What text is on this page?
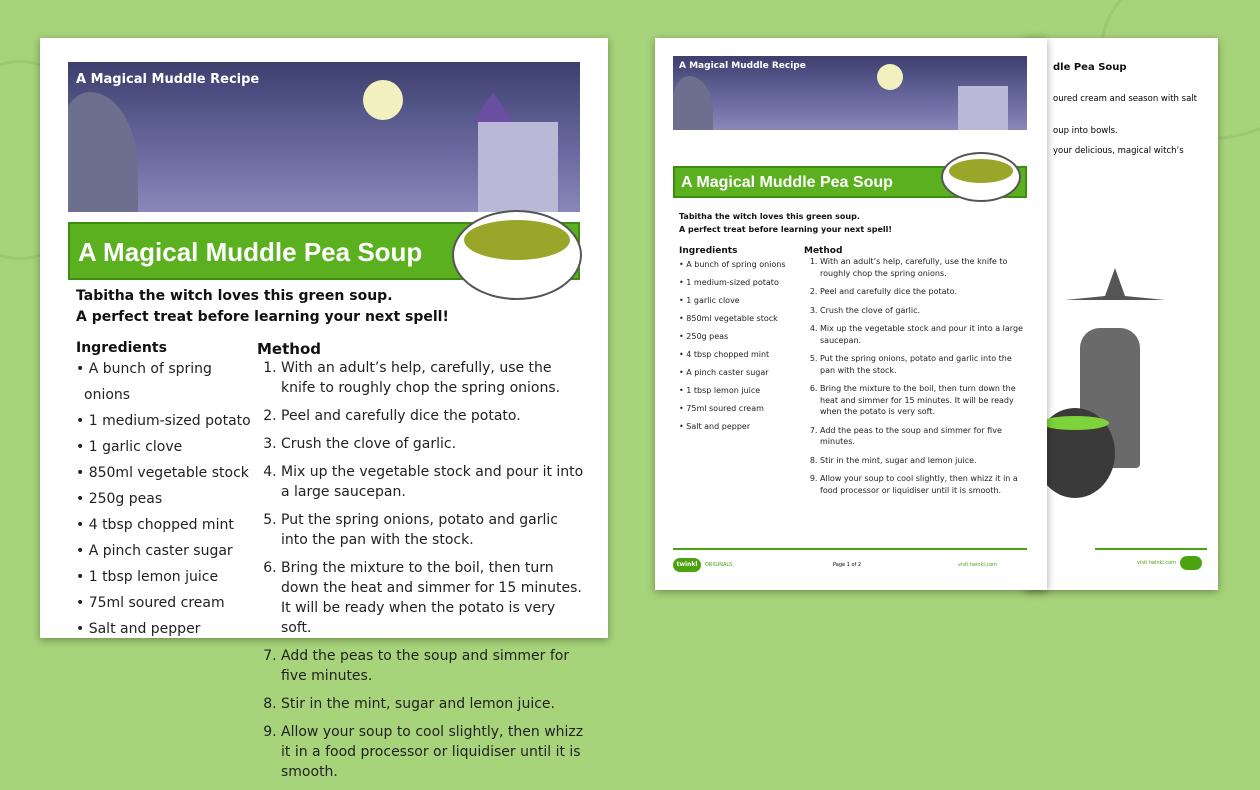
dle Pea Soup
oured cream and season with salt
oup into bowls.
your delicious, magical witch’s
visit twinkl.com
A Magical Muddle Recipe
A Magical Muddle Pea Soup
Tabitha the witch loves this green soup.
A perfect treat before learning your next spell!
Ingredients
• A bunch of spring onions
• 1 medium-sized potato
• 1 garlic clove
• 850ml vegetable stock
• 250g peas
• 4 tbsp chopped mint
• A pinch caster sugar
• 1 tbsp lemon juice
• 75ml soured cream
• Salt and pepper
Method
1. With an adult’s help, carefully, use the knife to roughly chop the spring onions.
2. Peel and carefully dice the potato.
3. Crush the clove of garlic.
4. Mix up the vegetable stock and pour it into a large saucepan.
5. Put the spring onions, potato and garlic into the pan with the stock.
6. Bring the mixture to the boil, then turn down the heat and simmer for 15 minutes. It will be ready when the potato is very soft.
7. Add the peas to the soup and simmer for five minutes.
8. Stir in the mint, sugar and lemon juice.
9. Allow your soup to cool slightly, then whizz it in a food processor or liquidiser until it is smooth.
twinkl	ORIGINALS	Page 1 of 2	visit twinkl.com
A Magical Muddle Recipe
A Magical Muddle Pea Soup
Tabitha the witch loves this green soup.
A perfect treat before learning your next spell!
Ingredients
• A bunch of spring onions
• 1 medium-sized potato
• 1 garlic clove
• 850ml vegetable stock
• 250g peas
• 4 tbsp chopped mint
• A pinch caster sugar
• 1 tbsp lemon juice
• 75ml soured cream
• Salt and pepper
Method
1. With an adult’s help, carefully, use the knife to roughly chop the spring onions.
2. Peel and carefully dice the potato.
3. Crush the clove of garlic.
4. Mix up the vegetable stock and pour it into a large saucepan.
5. Put the spring onions, potato and garlic into the pan with the stock.
6. Bring the mixture to the boil, then turn down the heat and simmer for 15 minutes. It will be ready when the potato is very soft.
7. Add the peas to the soup and simmer for five minutes.
8. Stir in the mint, sugar and lemon juice.
9. Allow your soup to cool slightly, then whizz it in a food processor or liquidiser until it is smooth.
